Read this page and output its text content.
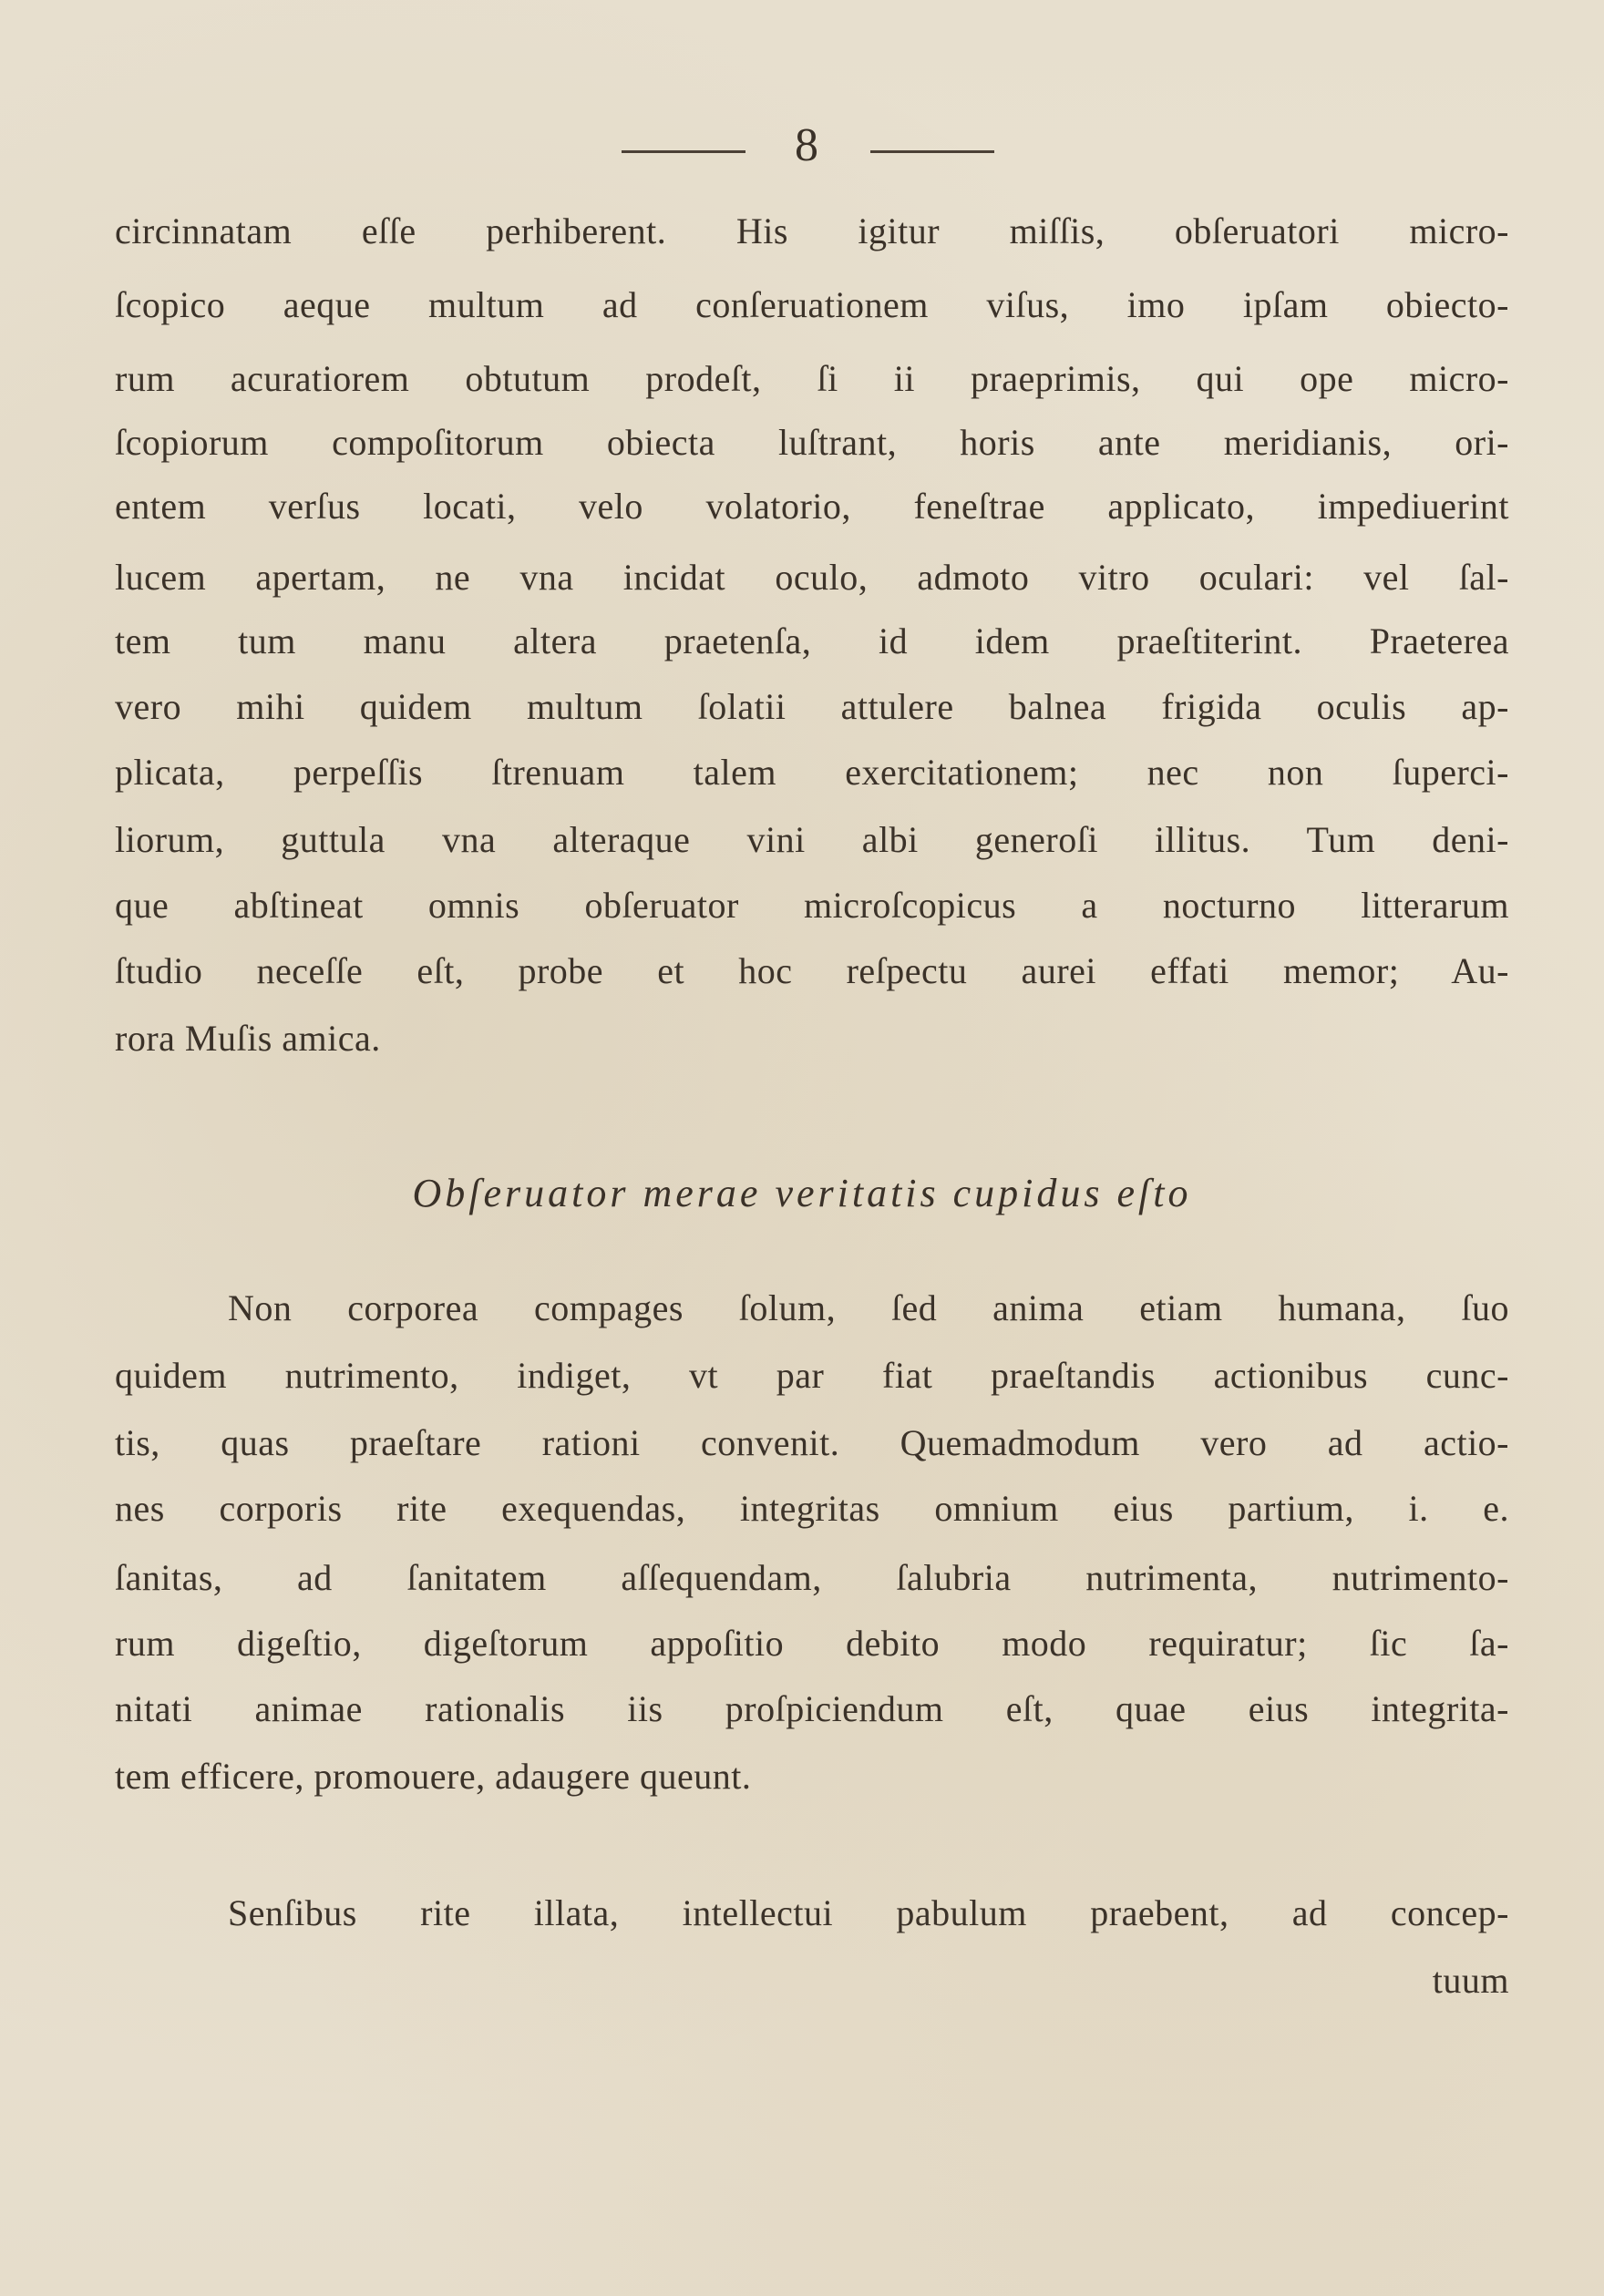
8
circinnatam eſſe perhiberent. His igitur miſſis, obſeruatori micro-
ſcopico aeque multum ad conſeruationem viſus, imo ipſam obiecto-
rum acuratiorem obtutum prodeſt, ſi ii praeprimis, qui ope micro-
ſcopiorum compoſitorum obiecta luſtrant, horis ante meridianis, ori-
entem verſus locati, velo volatorio, feneſtrae applicato, impediuerint
lucem apertam, ne vna incidat oculo, admoto vitro oculari: vel ſal-
tem tum manu altera praetenſa, id idem praeſtiterint. Praeterea
vero mihi quidem multum ſolatii attulere balnea frigida oculis ap-
plicata, perpeſſis ſtrenuam talem exercitationem; nec non ſuperci-
liorum, guttula vna alteraque vini albi generoſi illitus. Tum deni-
que abſtineat omnis obſeruator microſcopicus a nocturno litterarum
ſtudio neceſſe eſt, probe et hoc reſpectu aurei effati memor; Au-
rora Muſis amica.
Obſeruator merae veritatis cupidus eſto
Non corporea compages ſolum, ſed anima etiam humana, ſuo
quidem nutrimento, indiget, vt par fiat praeſtandis actionibus cunc-
tis, quas praeſtare rationi convenit. Quemadmodum vero ad actio-
nes corporis rite exequendas, integritas omnium eius partium, i. e.
ſanitas, ad ſanitatem aſſequendam, ſalubria nutrimenta, nutrimento-
rum digeſtio, digeſtorum appoſitio debito modo requiratur; ſic ſa-
nitati animae rationalis iis proſpiciendum eſt, quae eius integrita-
tem efficere, promouere, adaugere queunt.
Senſibus rite illata, intellectui pabulum praebent, ad concep-
tuum
